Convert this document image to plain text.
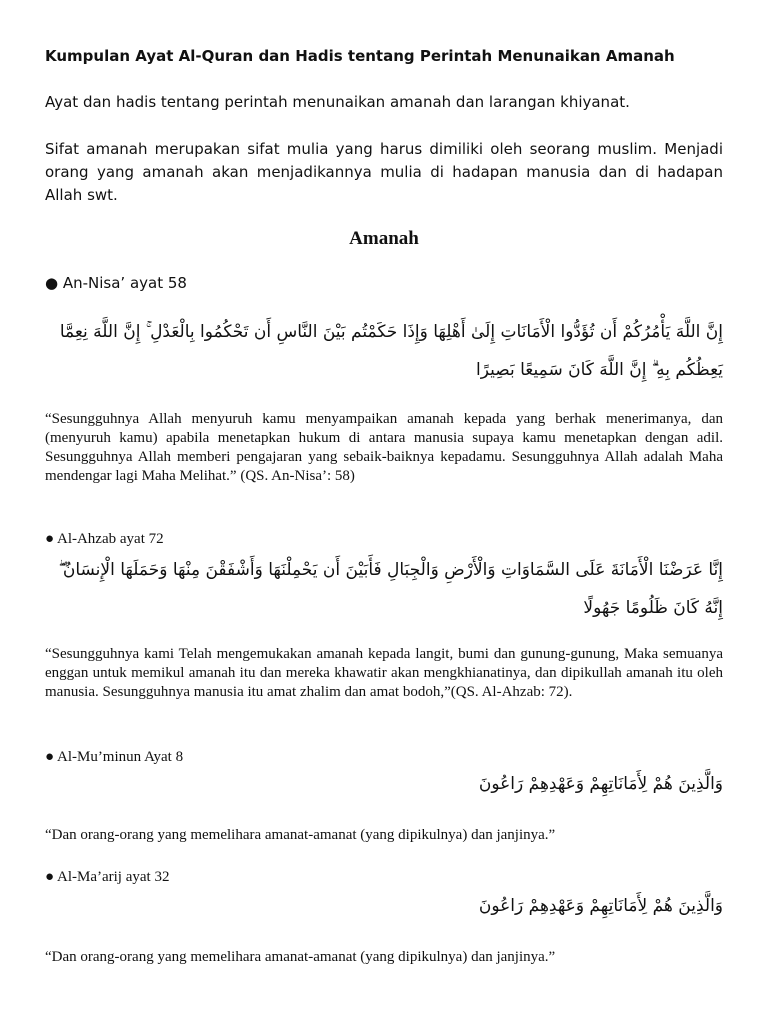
Kumpulan Ayat Al-Quran dan Hadis tentang Perintah Menunaikan Amanah
Ayat dan hadis tentang perintah menunaikan amanah dan larangan khiyanat.
Sifat amanah merupakan sifat mulia yang harus dimiliki oleh seorang muslim. Menjadi orang yang amanah akan menjadikannya mulia di hadapan manusia dan di hadapan Allah swt.
Amanah
● An-Nisa’ ayat 58
إِنَّ اللَّهَ يَأْمُرُكُمْ أَن تُؤَدُّوا الْأَمَانَاتِ إِلَىٰ أَهْلِهَا وَإِذَا حَكَمْتُم بَيْنَ النَّاسِ أَن تَحْكُمُوا بِالْعَدْلِ ۚ إِنَّ اللَّهَ نِعِمَّا يَعِظُكُم بِهِ ۗ إِنَّ اللَّهَ كَانَ سَمِيعًا بَصِيرًا
“Sesungguhnya Allah menyuruh kamu menyampaikan amanah kepada yang berhak menerimanya, dan (menyuruh kamu) apabila menetapkan hukum di antara manusia supaya kamu menetapkan dengan adil. Sesungguhnya Allah memberi pengajaran yang sebaik-baiknya kepadamu. Sesungguhnya Allah adalah Maha mendengar lagi Maha Melihat.” (QS. An-Nisa’: 58)
● Al-Ahzab ayat 72
إِنَّا عَرَضْنَا الْأَمَانَةَ عَلَى السَّمَاوَاتِ وَالْأَرْضِ وَالْجِبَالِ فَأَبَيْنَ أَن يَحْمِلْنَهَا وَأَشْفَقْنَ مِنْهَا وَحَمَلَهَا الْإِنسَانُ ۖ إِنَّهُ كَانَ ظَلُومًا جَهُولًا
“Sesungguhnya kami Telah mengemukakan amanah kepada langit, bumi dan gunung-gunung, Maka semuanya enggan untuk memikul amanah itu dan mereka khawatir akan mengkhianatinya, dan dipikullah amanah itu oleh manusia. Sesungguhnya manusia itu amat zhalim dan amat bodoh,”(QS. Al-Ahzab: 72).
● Al-Mu’minun Ayat 8
وَالَّذِينَ هُمْ لِأَمَانَاتِهِمْ وَعَهْدِهِمْ رَاعُونَ
“Dan orang-orang yang memelihara amanat-amanat (yang dipikulnya) dan janjinya.”
● Al-Ma’arij ayat 32
وَالَّذِينَ هُمْ لِأَمَانَاتِهِمْ وَعَهْدِهِمْ رَاعُونَ
“Dan orang-orang yang memelihara amanat-amanat (yang dipikulnya) dan janjinya.”
